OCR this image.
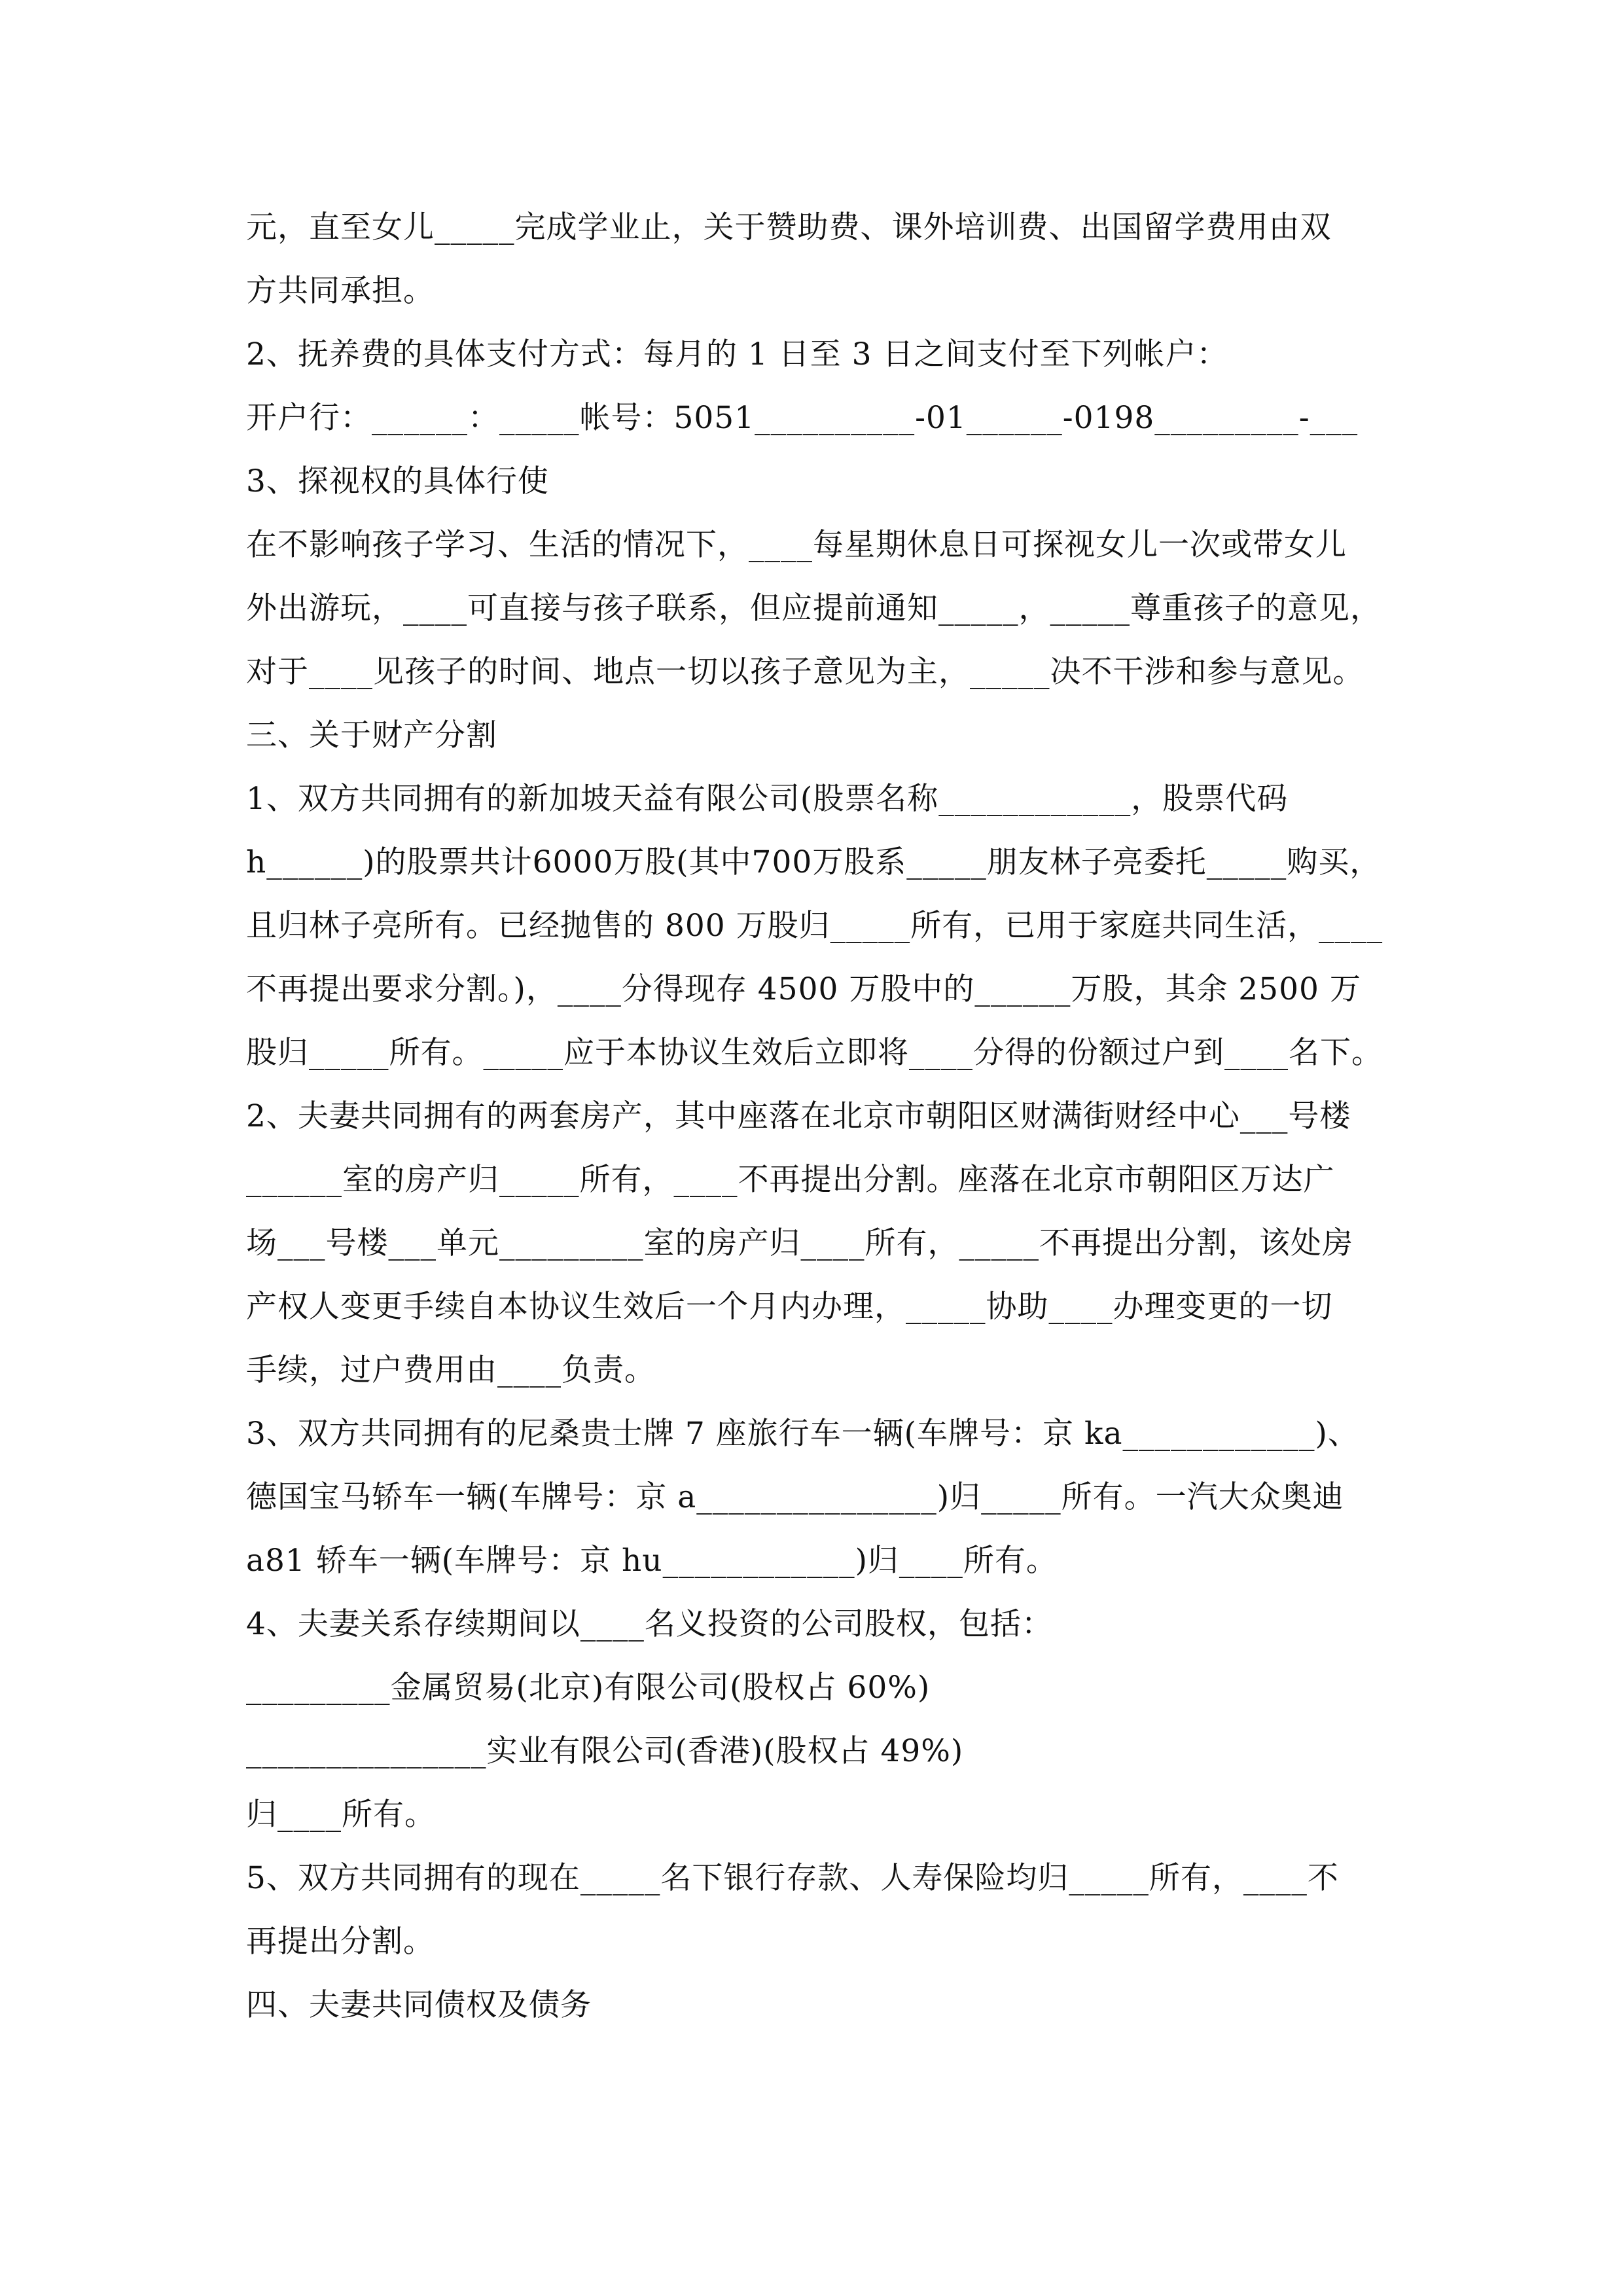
元，直至女儿_____完成学业止，关于赞助费、课外培训费、出国留学费用由双
方共同承担。
2、抚养费的具体支付方式：每月的 1 日至 3 日之间支付至下列帐户：
开户行：______：_____帐号：5051__________-01______-0198_________-___
3、探视权的具体行使
在不影响孩子学习、生活的情况下，____每星期休息日可探视女儿一次或带女儿
外出游玩，____可直接与孩子联系，但应提前通知_____，_____尊重孩子的意见，
对于____见孩子的时间、地点一切以孩子意见为主，_____决不干涉和参与意见。
三、关于财产分割
1、双方共同拥有的新加坡天益有限公司(股票名称____________，股票代码
h______)的股票共计6000万股(其中700万股系_____朋友林子亮委托_____购买，
且归林子亮所有。已经抛售的 800 万股归_____所有，已用于家庭共同生活，____
不再提出要求分割。)，____分得现存 4500 万股中的______万股，其余 2500 万
股归_____所有。_____应于本协议生效后立即将____分得的份额过户到____名下。
2、夫妻共同拥有的两套房产，其中座落在北京市朝阳区财满街财经中心___号楼
______室的房产归_____所有，____不再提出分割。座落在北京市朝阳区万达广
场___号楼___单元_________室的房产归____所有，_____不再提出分割，该处房
产权人变更手续自本协议生效后一个月内办理，_____协助____办理变更的一切
手续，过户费用由____负责。
3、双方共同拥有的尼桑贵士牌 7 座旅行车一辆(车牌号：京 ka____________)、
德国宝马轿车一辆(车牌号：京 a_______________)归_____所有。一汽大众奥迪
a81 轿车一辆(车牌号：京 hu____________)归____所有。
4、夫妻关系存续期间以____名义投资的公司股权，包括：
_________金属贸易(北京)有限公司(股权占 60%)
_______________实业有限公司(香港)(股权占 49%)
归____所有。
5、双方共同拥有的现在_____名下银行存款、人寿保险均归_____所有，____不
再提出分割。
四、夫妻共同债权及债务
